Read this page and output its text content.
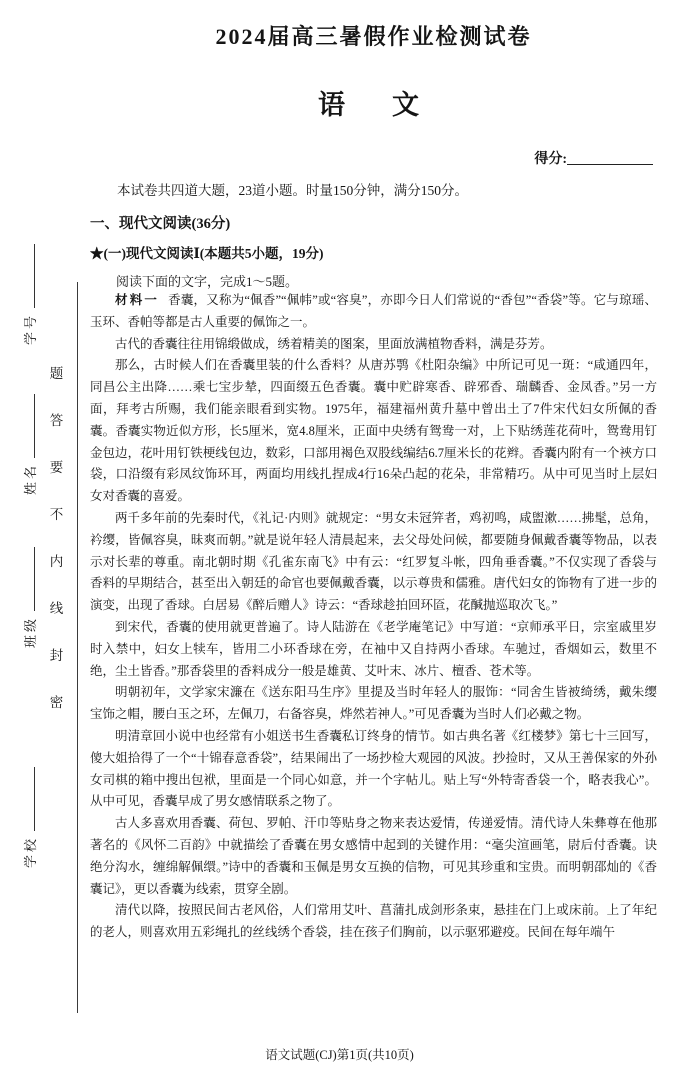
学号
姓名
班级
学校
题
答
要
不
内
线
封
密
2024届高三暑假作业检测试卷
语　文
得分:

本试卷共四道大题，23道小题。时量150分钟，满分150分。

一、现代文阅读(36分)

★(一)现代文阅读Ⅰ(本题共5小题，19分)

阅读下面的文字，完成1～5题。

材料一 香囊，又称为“佩香”“佩帏”或“容臭”，亦即今日人们常说的“香包”“香袋”等。它与琼瑶、玉环、香帕等都是古人重要的佩饰之一。

古代的香囊往往用锦缎做成，绣着精美的图案，里面放满植物香料，满是芬芳。

那么，古时候人们在香囊里装的什么香料？从唐苏鹗《杜阳杂编》中所记可见一斑：“咸通四年，同昌公主出降……乘七宝步辇，四面缀五色香囊。囊中贮辟寒香、辟邪香、瑞麟香、金凤香。”另一方面，拜考古所赐，我们能亲眼看到实物。1975年，福建福州黄升墓中曾出土了7件宋代妇女所佩的香囊。香囊实物近似方形，长5厘米，宽4.8厘米，正面中央绣有鸳鸯一对，上下贴绣莲花荷叶，鸳鸯用钉金包边，花叶用钉铁梗线包边，数彩，口部用褐色双股线编结6.7厘米长的花辫。香囊内附有一个裌方口袋，口沿缀有彩凤纹饰环耳，两面均用线扎捏成4行16朵凸起的花朵，非常精巧。从中可见当时上层妇女对香囊的喜爱。

两千多年前的先秦时代，《礼记·内则》就规定：“男女未冠笄者，鸡初鸣，咸盥漱……拂髦，总角，衿缨，皆佩容臭，昧爽而朝。”就是说年轻人清晨起来，去父母处问候，都要随身佩戴香囊等物品，以表示对长辈的尊重。南北朝时期《孔雀东南飞》中有云：“红罗复斗帐，四角垂香囊。”不仅实现了香袋与香料的早期结合，甚至出入朝廷的命官也要佩戴香囊，以示尊贵和儒雅。唐代妇女的饰物有了进一步的演变，出现了香球。白居易《醉后赠人》诗云：“香球趁拍回环匼，花醎抛巡取次飞。”

到宋代，香囊的使用就更普遍了。诗人陆游在《老学庵笔记》中写道：“京师承平日，宗室戚里岁时入禁中，妇女上犊车，皆用二小环香球在旁，在袖中又自持两小香球。车驰过，香烟如云，数里不绝，尘土皆香。”那香袋里的香料成分一般是雄黄、艾叶末、冰片、檀香、苍术等。

明朝初年，文学家宋濂在《送东阳马生序》里提及当时年轻人的服饰：“同舍生皆被绮绣，戴朱缨宝饰之帽，腰白玉之环，左佩刀，右备容臭，烨然若神人。”可见香囊为当时人们必戴之物。

明清章回小说中也经常有小姐送书生香囊私订终身的情节。如古典名著《红楼梦》第七十三回写，傻大姐拾得了一个“十锦春意香袋”，结果闹出了一场抄检大观园的风波。抄捡时，又从王善保家的外孙女司棋的箱中搜出包袱，里面是一个同心如意，并一个字帖儿。贴上写“外特寄香袋一个，略表我心”。从中可见，香囊早成了男女感情联系之物了。

古人多喜欢用香囊、荷包、罗帕、汗巾等贴身之物来表达爱情，传递爱情。清代诗人朱彝尊在他那著名的《风怀二百韵》中就描绘了香囊在男女感情中起到的关键作用：“毫尖渲画笔，尉后付香囊。诀绝分沟水，缠绵解佩缳。”诗中的香囊和玉佩是男女互换的信物，可见其珍重和宝贵。而明朝邵灿的《香囊记》，更以香囊为线索，贯穿全剧。

清代以降，按照民间古老风俗，人们常用艾叶、菖蒲扎成剑形条束，悬挂在门上或床前。上了年纪的老人，则喜欢用五彩绳扎的丝线绣个香袋，挂在孩子们胸前，以示驱邪避疫。民间在每年端午

语文试题(CJ)第1页(共10页)
